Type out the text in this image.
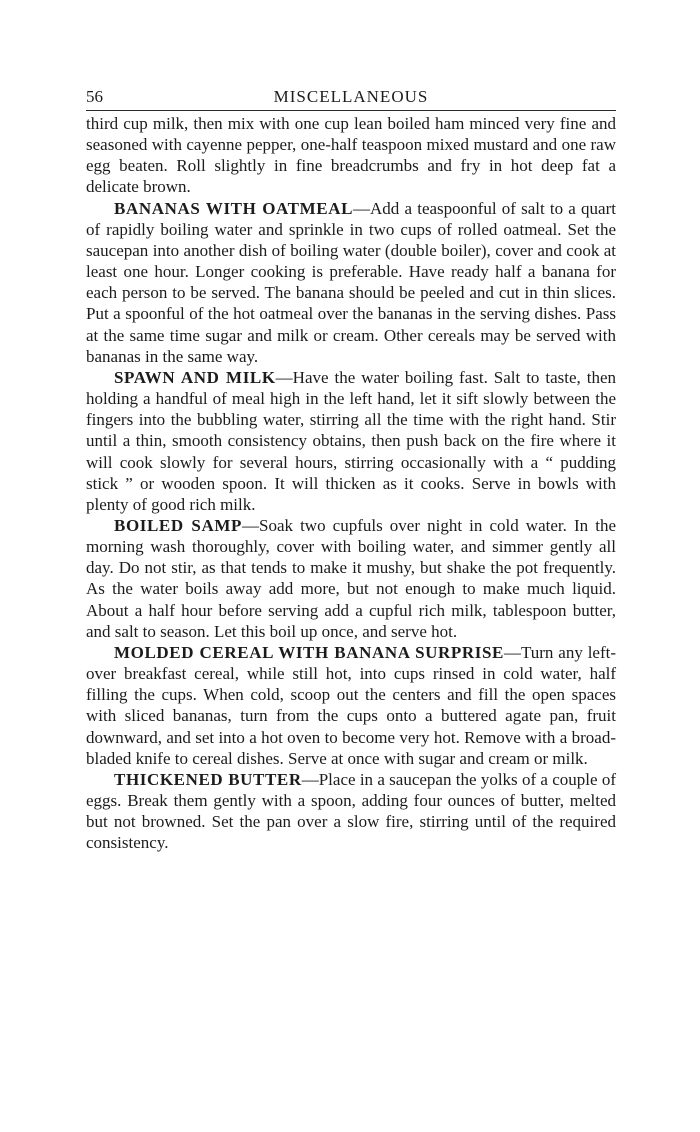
56	MISCELLANEOUS

third cup milk, then mix with one cup lean boiled ham minced very fine and seasoned with cayenne pepper, one-half teaspoon mixed mustard and one raw egg beaten. Roll slightly in fine breadcrumbs and fry in hot deep fat a delicate brown.

BANANAS WITH OATMEAL—Add a teaspoonful of salt to a quart of rapidly boiling water and sprinkle in two cups of rolled oatmeal. Set the saucepan into another dish of boiling water (double boiler), cover and cook at least one hour. Longer cooking is preferable. Have ready half a banana for each person to be served. The banana should be peeled and cut in thin slices. Put a spoonful of the hot oatmeal over the bananas in the serving dishes. Pass at the same time sugar and milk or cream. Other cereals may be served with bananas in the same way.

SPAWN AND MILK—Have the water boiling fast. Salt to taste, then holding a handful of meal high in the left hand, let it sift slowly between the fingers into the bubbling water, stirring all the time with the right hand. Stir until a thin, smooth consistency obtains, then push back on the fire where it will cook slowly for several hours, stirring occasionally with a “ pudding stick ” or wooden spoon. It will thicken as it cooks. Serve in bowls with plenty of good rich milk.

BOILED SAMP—Soak two cupfuls over night in cold water. In the morning wash thoroughly, cover with boiling water, and simmer gently all day. Do not stir, as that tends to make it mushy, but shake the pot frequently. As the water boils away add more, but not enough to make much liquid. About a half hour before serving add a cupful rich milk, tablespoon butter, and salt to season. Let this boil up once, and serve hot.

MOLDED CEREAL WITH BANANA SURPRISE—Turn any left-over breakfast cereal, while still hot, into cups rinsed in cold water, half filling the cups. When cold, scoop out the centers and fill the open spaces with sliced bananas, turn from the cups onto a buttered agate pan, fruit downward, and set into a hot oven to become very hot. Remove with a broad-bladed knife to cereal dishes. Serve at once with sugar and cream or milk.

THICKENED BUTTER—Place in a saucepan the yolks of a couple of eggs. Break them gently with a spoon, adding four ounces of butter, melted but not browned. Set the pan over a slow fire, stirring until of the required consistency.
